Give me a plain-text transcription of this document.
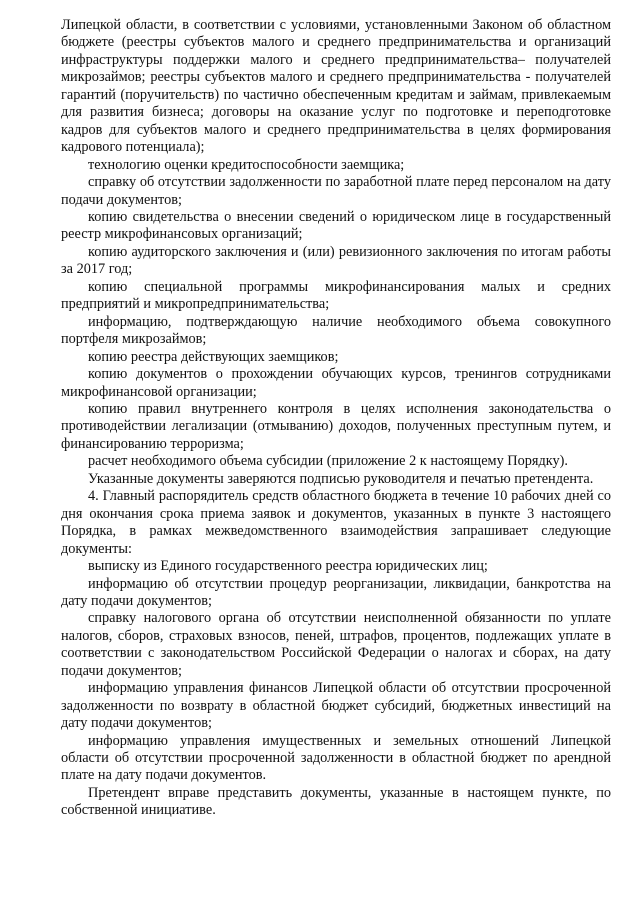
Липецкой области, в соответствии с условиями, установленными Законом об областном бюджете (реестры субъектов малого и среднего предпринимательства и организаций инфраструктуры поддержки малого и среднего предпринимательства– получателей микрозаймов; реестры субъектов малого и среднего предпринимательства - получателей гарантий (поручительств) по частично обеспеченным кредитам и займам, привлекаемым для развития бизнеса; договоры на оказание услуг по подготовке и переподготовке кадров для субъектов малого и среднего предпринимательства в целях формирования кадрового потенциала);

технологию оценки кредитоспособности заемщика;

справку об отсутствии задолженности по заработной плате перед персоналом на дату подачи документов;

копию свидетельства о внесении сведений о юридическом лице в государственный реестр микрофинансовых организаций;

копию аудиторского заключения и (или) ревизионного заключения по итогам работы за 2017 год;

копию специальной программы микрофинансирования малых и средних предприятий и микропредпринимательства;

информацию, подтверждающую наличие необходимого объема совокупного портфеля микрозаймов;

копию реестра действующих заемщиков;

копию документов о прохождении обучающих курсов, тренингов сотрудниками микрофинансовой организации;

копию правил внутреннего контроля в целях исполнения законодательства о противодействии легализации (отмыванию) доходов, полученных преступным путем, и финансированию терроризма;

расчет необходимого объема субсидии (приложение 2 к настоящему Порядку).

Указанные документы заверяются подписью руководителя и печатью претендента.

4. Главный распорядитель средств областного бюджета в течение 10 рабочих дней со дня окончания срока приема заявок и документов, указанных в пункте 3 настоящего Порядка, в рамках межведомственного взаимодействия запрашивает следующие документы:

выписку из Единого государственного реестра юридических лиц;

информацию об отсутствии процедур реорганизации, ликвидации, банкротства на дату подачи документов;

справку налогового органа об отсутствии неисполненной обязанности по уплате налогов, сборов, страховых взносов, пеней, штрафов, процентов, подлежащих уплате в соответствии с законодательством Российской Федерации о налогах и сборах, на дату подачи документов;

информацию управления финансов Липецкой области об отсутствии просроченной задолженности по возврату в областной бюджет субсидий, бюджетных инвестиций на дату подачи документов;

информацию управления имущественных и земельных отношений Липецкой области об отсутствии просроченной задолженности в областной бюджет по арендной плате на дату подачи документов.

Претендент вправе представить документы, указанные в настоящем пункте, по собственной инициативе.
